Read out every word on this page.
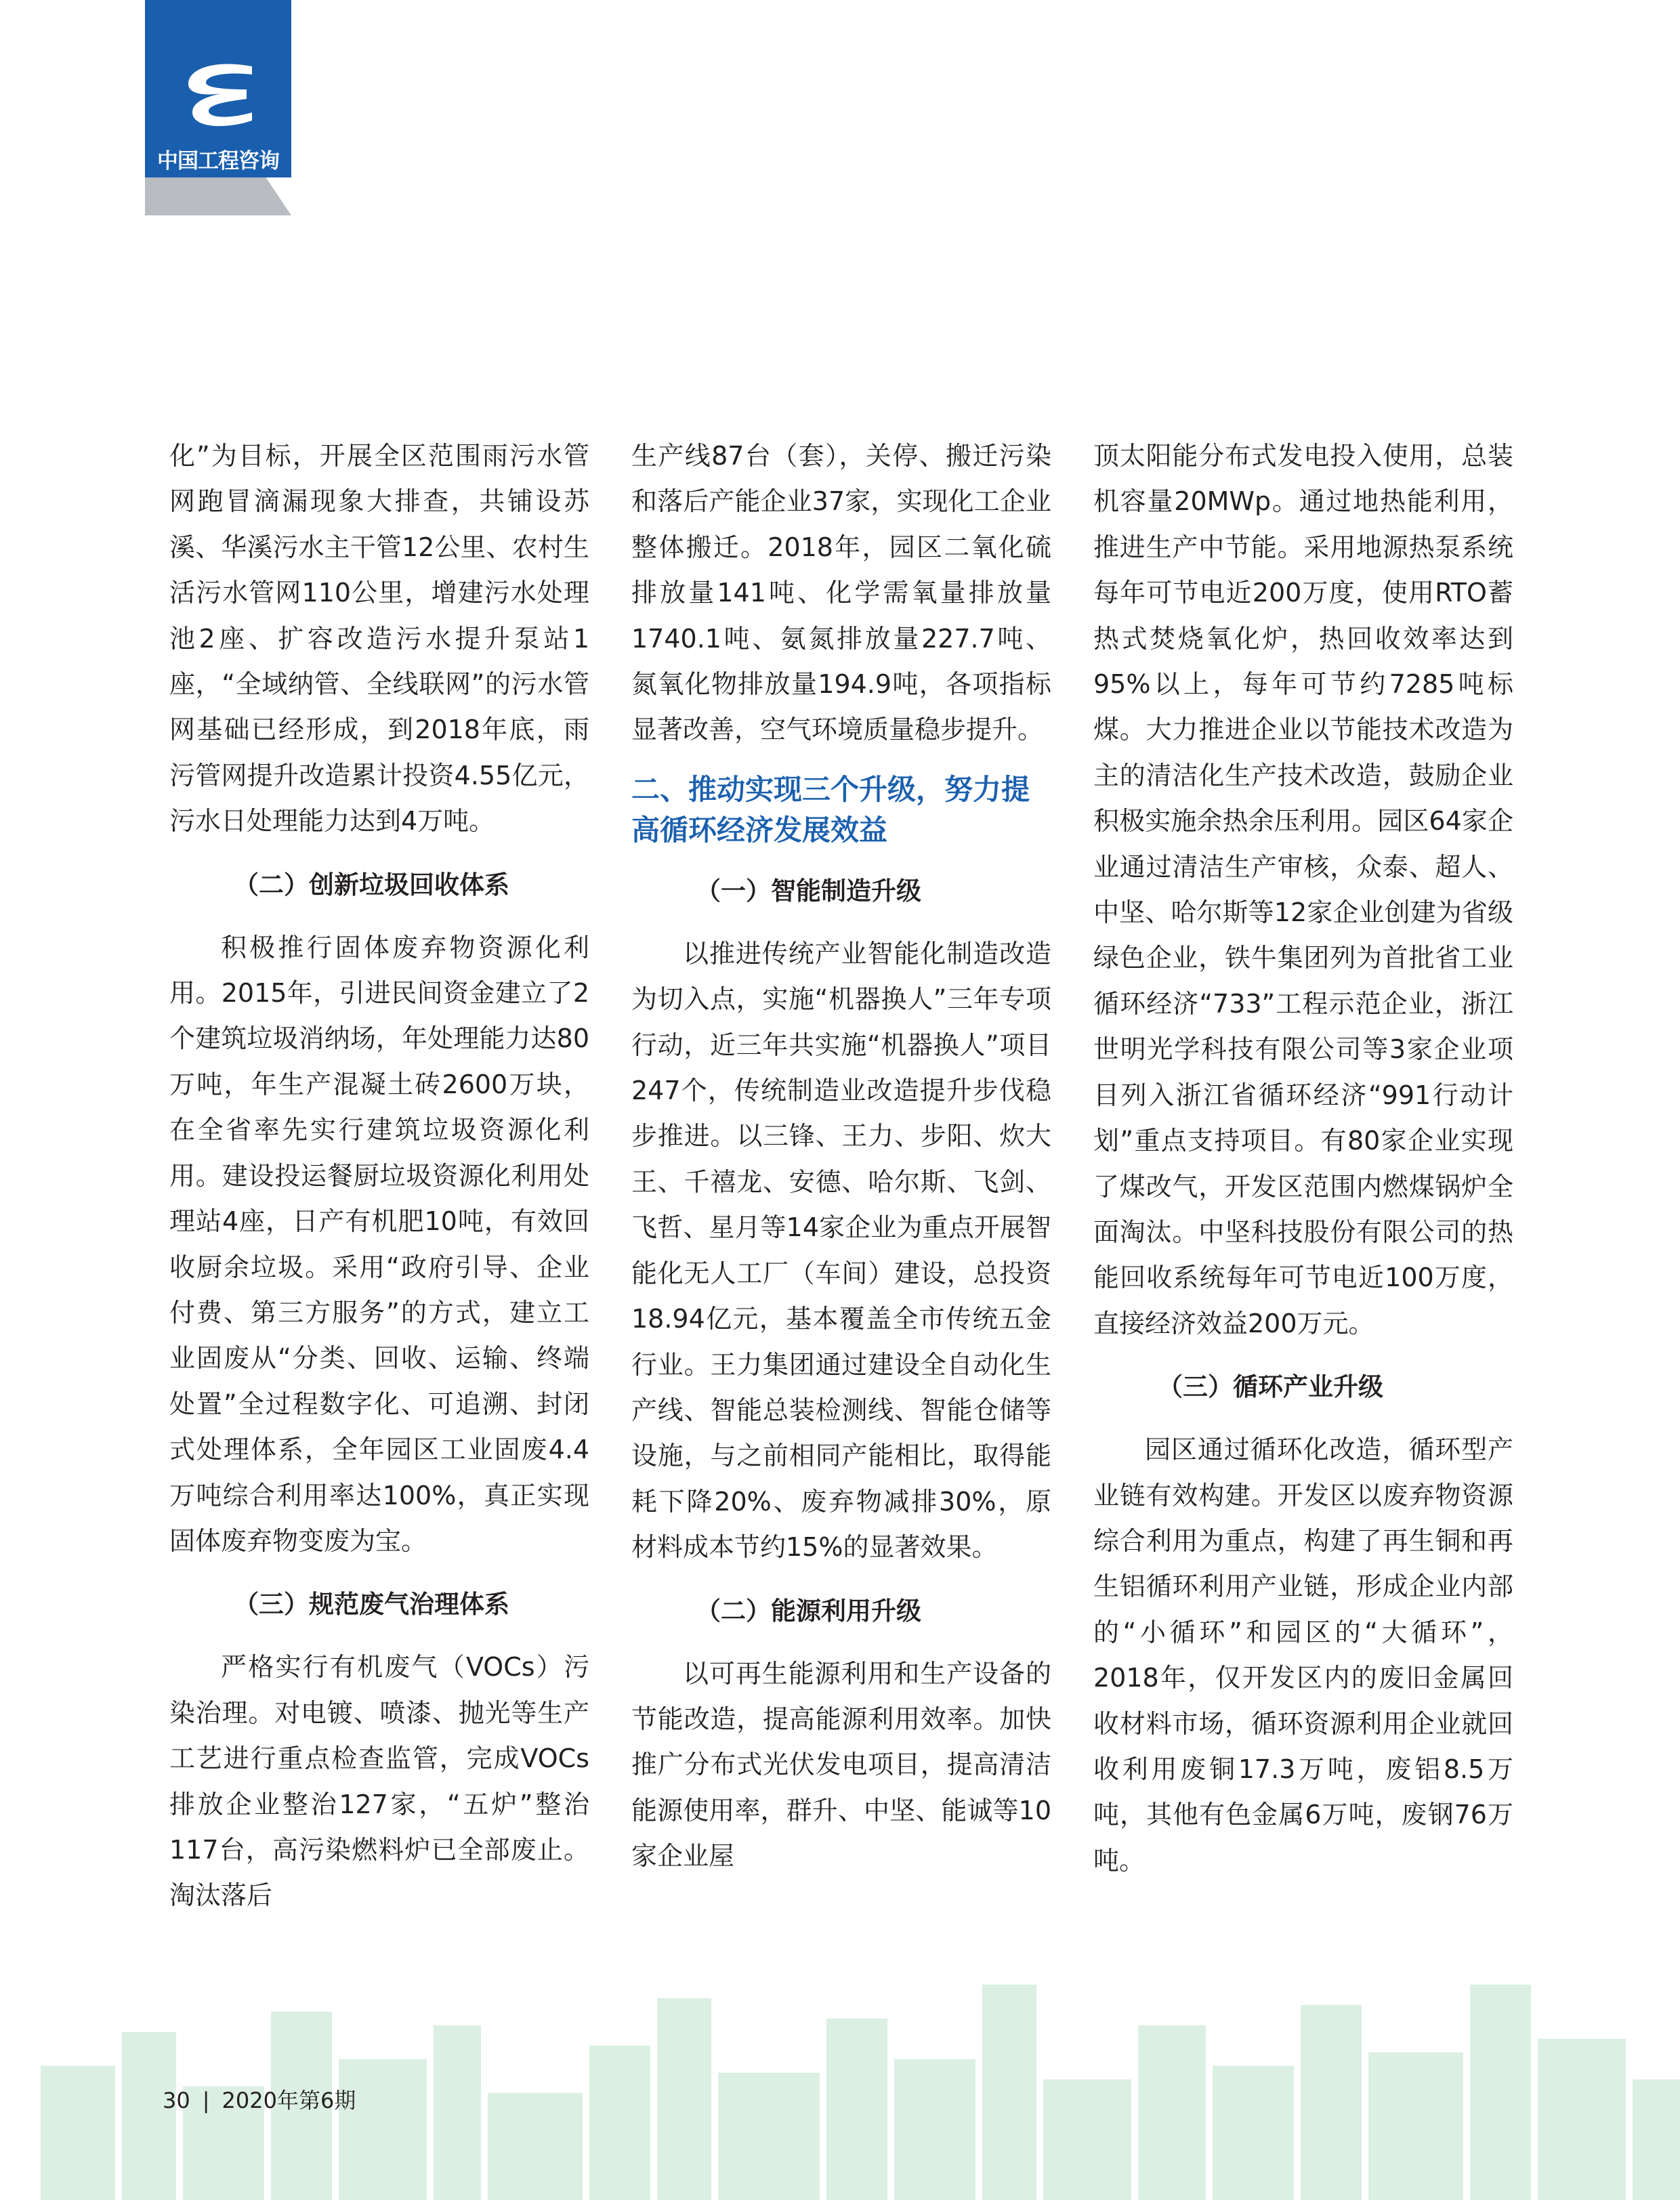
中国工程咨询

化”为目标，开展全区范围雨污水管网跑冒滴漏现象大排查，共铺设苏溪、华溪污水主干管12公里、农村生活污水管网110公里，增建污水处理池2座、扩容改造污水提升泵站1座，“全域纳管、全线联网”的污水管网基础已经形成，到2018年底，雨污管网提升改造累计投资4.55亿元，污水日处理能力达到4万吨。

（二）创新垃圾回收体系

积极推行固体废弃物资源化利用。2015年，引进民间资金建立了2个建筑垃圾消纳场，年处理能力达80万吨，年生产混凝土砖2600万块，在全省率先实行建筑垃圾资源化利用。建设投运餐厨垃圾资源化利用处理站4座，日产有机肥10吨，有效回收厨余垃圾。采用“政府引导、企业付费、第三方服务”的方式，建立工业固废从“分类、回收、运输、终端处置”全过程数字化、可追溯、封闭式处理体系，全年园区工业固废4.4万吨综合利用率达100%，真正实现固体废弃物变废为宝。

（三）规范废气治理体系

严格实行有机废气（VOCs）污染治理。对电镀、喷漆、抛光等生产工艺进行重点检查监管，完成VOCs排放企业整治127家，“五炉”整治117台，高污染燃料炉已全部废止。淘汰落后

生产线87台（套），关停、搬迁污染和落后产能企业37家，实现化工企业整体搬迁。2018年，园区二氧化硫排放量141吨、化学需氧量排放量1740.1吨、氨氮排放量227.7吨、氮氧化物排放量194.9吨，各项指标显著改善，空气环境质量稳步提升。

二、推动实现三个升级，努力提高循环经济发展效益
（一）智能制造升级

以推进传统产业智能化制造改造为切入点，实施“机器换人”三年专项行动，近三年共实施“机器换人”项目247个，传统制造业改造提升步伐稳步推进。以三锋、王力、步阳、炊大王、千禧龙、安德、哈尔斯、飞剑、飞哲、星月等14家企业为重点开展智能化无人工厂（车间）建设，总投资18.94亿元，基本覆盖全市传统五金行业。王力集团通过建设全自动化生产线、智能总装检测线、智能仓储等设施，与之前相同产能相比，取得能耗下降20%、废弃物减排30%，原材料成本节约15%的显著效果。

（二）能源利用升级

以可再生能源利用和生产设备的节能改造，提高能源利用效率。加快推广分布式光伏发电项目，提高清洁能源使用率，群升、中坚、能诚等10家企业屋

顶太阳能分布式发电投入使用，总装机容量20MWp。通过地热能利用，推进生产中节能。采用地源热泵系统每年可节电近200万度，使用RTO蓄热式焚烧氧化炉，热回收效率达到95%以上，每年可节约7285吨标煤。大力推进企业以节能技术改造为主的清洁化生产技术改造，鼓励企业积极实施余热余压利用。园区64家企业通过清洁生产审核，众泰、超人、中坚、哈尔斯等12家企业创建为省级绿色企业，铁牛集团列为首批省工业循环经济“733”工程示范企业，浙江世明光学科技有限公司等3家企业项目列入浙江省循环经济“991行动计划”重点支持项目。有80家企业实现了煤改气，开发区范围内燃煤锅炉全面淘汰。中坚科技股份有限公司的热能回收系统每年可节电近100万度，直接经济效益200万元。

（三）循环产业升级

园区通过循环化改造，循环型产业链有效构建。开发区以废弃物资源综合利用为重点，构建了再生铜和再生铝循环利用产业链，形成企业内部的“小循环”和园区的“大循环”，2018年，仅开发区内的废旧金属回收材料市场，循环资源利用企业就回收利用废铜17.3万吨，废铝8.5万吨，其他有色金属6万吨，废钢76万吨。

30 | 2020年第6期
